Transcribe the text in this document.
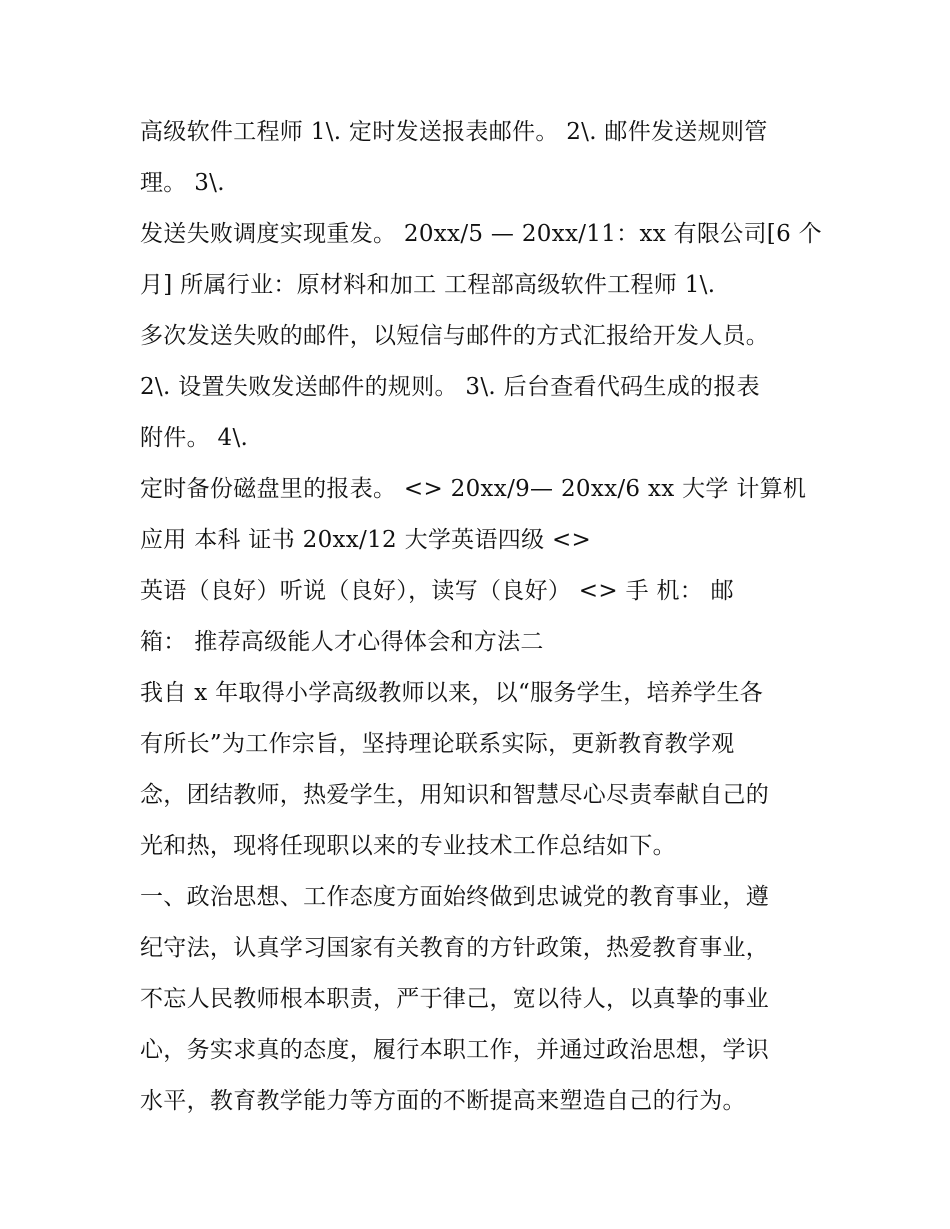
高级软件工程师 1\. 定时发送报表邮件。 2\. 邮件发送规则管
理。 3\.
发送失败调度实现重发。 20xx/5 — 20xx/11：xx 有限公司[6 个
月] 所属行业：原材料和加工 工程部高级软件工程师 1\.
多次发送失败的邮件，以短信与邮件的方式汇报给开发人员。
2\. 设置失败发送邮件的规则。 3\. 后台查看代码生成的报表
附件。 4\.
定时备份磁盘里的报表。 <> 20xx/9— 20xx/6 xx 大学 计算机
应用 本科 证书 20xx/12 大学英语四级 <>
英语（良好）听说（良好），读写（良好） <> 手 机： 邮
箱： 推荐高级能人才心得体会和方法二
我自 x 年取得小学高级教师以来，以“服务学生，培养学生各
有所长”为工作宗旨，坚持理论联系实际，更新教育教学观
念，团结教师，热爱学生，用知识和智慧尽心尽责奉献自己的
光和热，现将任现职以来的专业技术工作总结如下。
一、政治思想、工作态度方面始终做到忠诚党的教育事业，遵
纪守法，认真学习国家有关教育的方针政策，热爱教育事业，
不忘人民教师根本职责，严于律己，宽以待人，以真挚的事业
心，务实求真的态度，履行本职工作，并通过政治思想，学识
水平，教育教学能力等方面的不断提高来塑造自己的行为。
